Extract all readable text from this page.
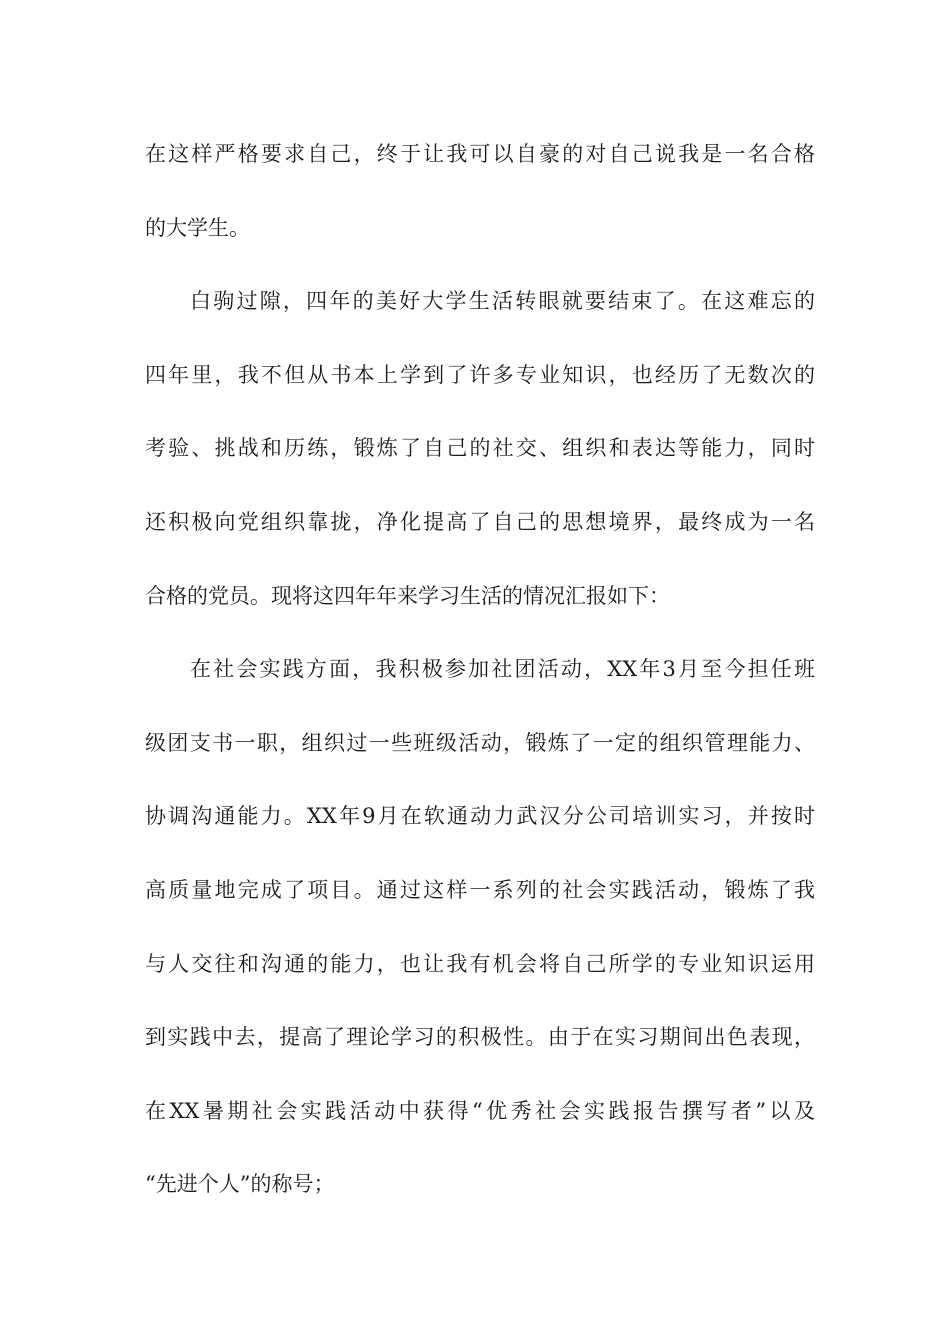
在这样严格要求自己，终于让我可以自豪的对自己说我是一名合格
的大学生。
白驹过隙，四年的美好大学生活转眼就要结束了。在这难忘的
四年里，我不但从书本上学到了许多专业知识，也经历了无数次的
考验、挑战和历练，锻炼了自己的社交、组织和表达等能力，同时
还积极向党组织靠拢，净化提高了自己的思想境界，最终成为一名
合格的党员。现将这四年年来学习生活的情况汇报如下：
在社会实践方面，我积极参加社团活动，XX年3月至今担任班
级团支书一职，组织过一些班级活动，锻炼了一定的组织管理能力、
协调沟通能力。XX年9月在软通动力武汉分公司培训实习，并按时
高质量地完成了项目。通过这样一系列的社会实践活动，锻炼了我
与人交往和沟通的能力，也让我有机会将自己所学的专业知识运用
到实践中去，提高了理论学习的积极性。由于在实习期间出色表现，
在XX暑期社会实践活动中获得“优秀社会实践报告撰写者”以及
“先进个人”的称号；
